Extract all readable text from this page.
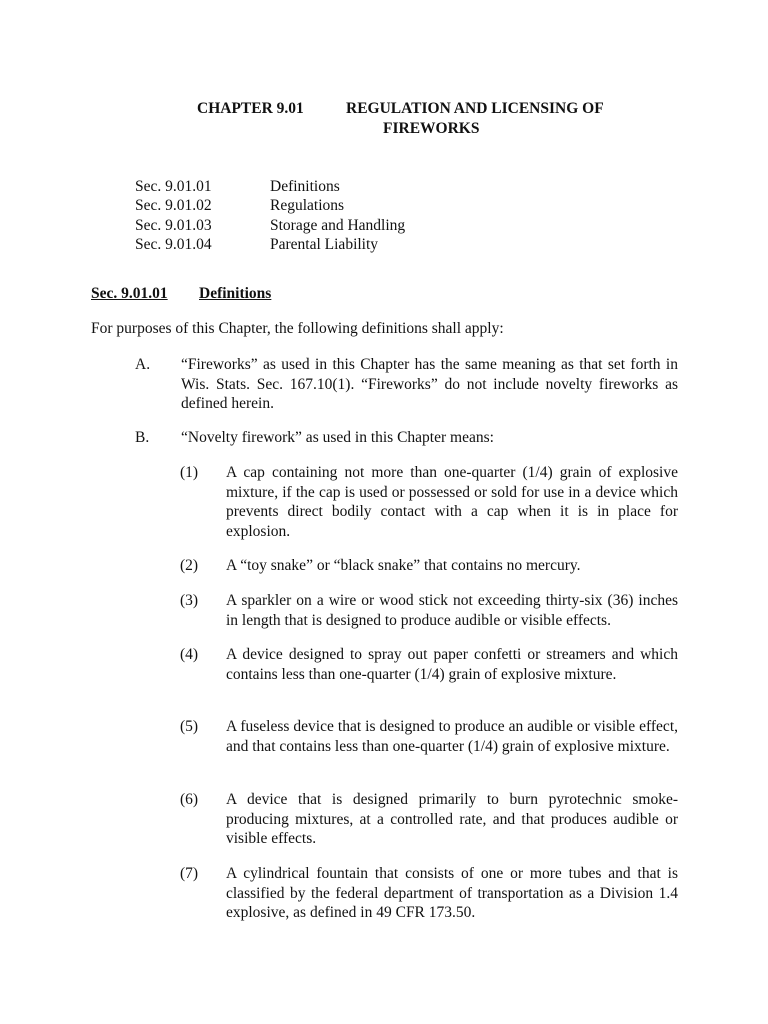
CHAPTER 9.01	REGULATION AND LICENSING OF
FIREWORKS
Sec. 9.01.01	Definitions
Sec. 9.01.02	Regulations
Sec. 9.01.03	Storage and Handling
Sec. 9.01.04	Parental Liability
Sec. 9.01.01 Definitions
For purposes of this Chapter, the following definitions shall apply:
A. “Fireworks” as used in this Chapter has the same meaning as that set forth in Wis. Stats. Sec. 167.10(1). “Fireworks” do not include novelty fireworks as defined herein.
B. “Novelty firework” as used in this Chapter means:
(1) A cap containing not more than one-quarter (1/4) grain of explosive mixture, if the cap is used or possessed or sold for use in a device which prevents direct bodily contact with a cap when it is in place for explosion.
(2) A “toy snake” or “black snake” that contains no mercury.
(3) A sparkler on a wire or wood stick not exceeding thirty-six (36) inches in length that is designed to produce audible or visible effects.
(4) A device designed to spray out paper confetti or streamers and which contains less than one-quarter (1/4) grain of explosive mixture.
(5) A fuseless device that is designed to produce an audible or visible effect, and that contains less than one-quarter (1/4) grain of explosive mixture.
(6) A device that is designed primarily to burn pyrotechnic smoke-producing mixtures, at a controlled rate, and that produces audible or visible effects.
(7) A cylindrical fountain that consists of one or more tubes and that is classified by the federal department of transportation as a Division 1.4 explosive, as defined in 49 CFR 173.50.
